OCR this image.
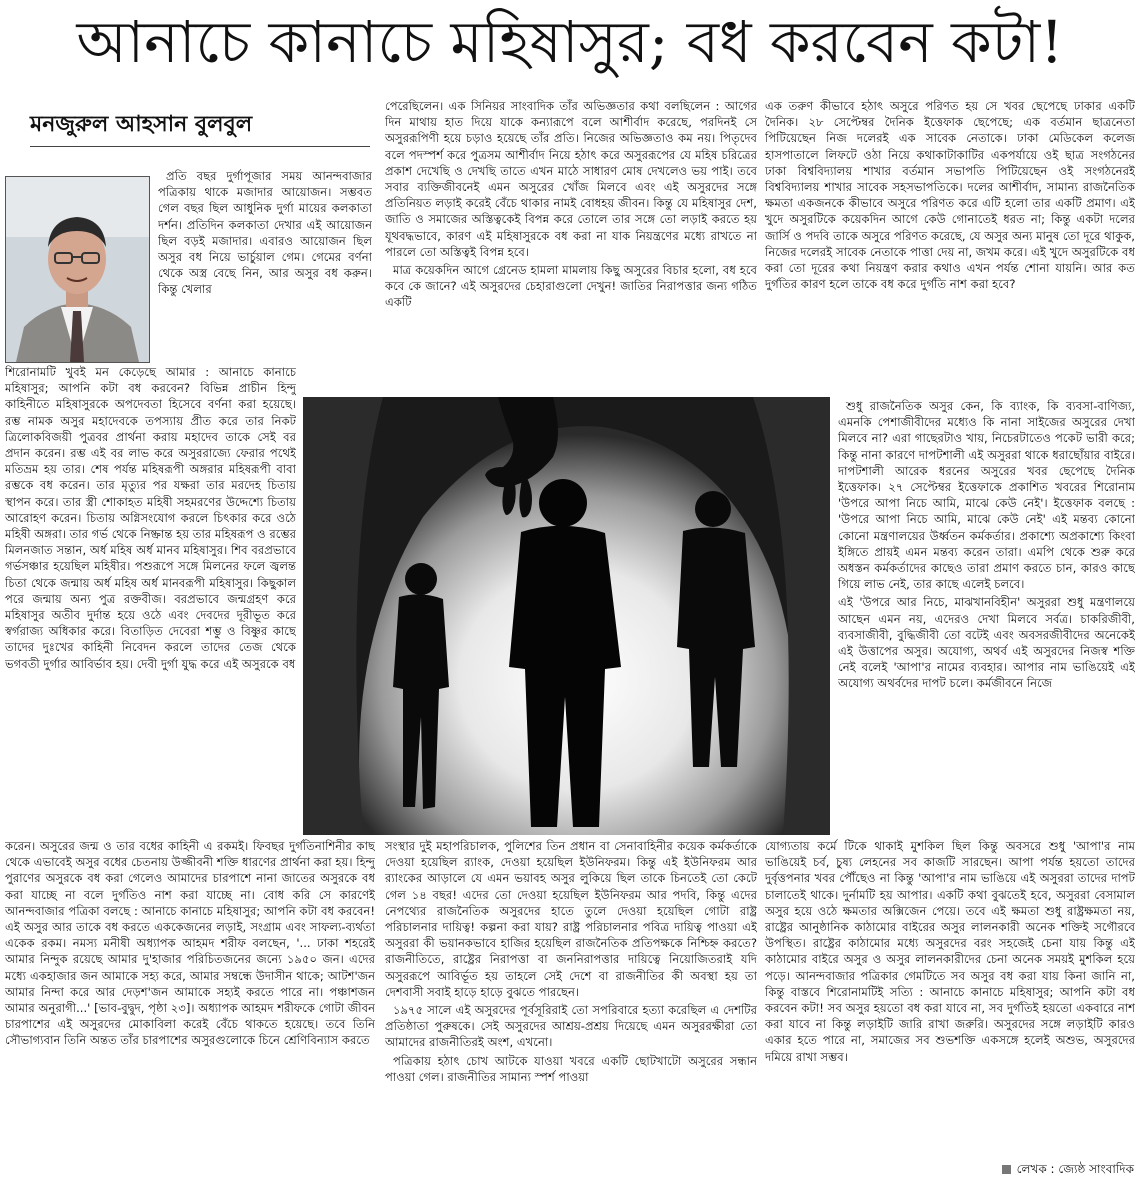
আনাচে কানাচে মহিষাসুর; বধ করবেন কটা!
মনজুরুল আহসান বুলবুল

প্রতি বছর দুর্গাপূজার সময় আনন্দবাজার পত্রিকায় থাকে মজাদার আয়োজন। সম্ভবত গেল বছর ছিল আধুনিক দুর্গা মায়ের কলকাতা দর্শন। প্রতিদিন কলকাতা দেখার এই আয়োজন ছিল বড়ই মজাদার। এবারও আয়োজন ছিল অসুর বধ নিয়ে ভার্চুয়াল গেম। গেমের বর্ণনা থেকে অস্ত্র বেছে নিন, আর অসুর বধ করুন। কিন্তু খেলার

শিরোনামটি খুবই মন কেড়েছে আমার : আনাচে কানাচে মহিষাসুর; আপনি কটা বধ করবেন? বিভিন্ন প্রাচীন হিন্দু কাহিনীতে মহিষাসুরকে অপদেবতা হিসেবে বর্ণনা করা হয়েছে। রম্ভ নামক অসুর মহাদেবকে তপস্যায় প্রীত করে তার নিকট ত্রিলোকবিজয়ী পুত্রবর প্রার্থনা করায় মহাদেব তাকে সেই বর প্রদান করেন। রম্ভ এই বর লাভ করে অসুররাজ্যে ফেরার পথেই মতিভ্রম হয় তার। শেষ পর্যন্ত মহিষরূপী অঙ্গরার মহিষরূপী বাবা রম্ভকে বধ করেন। তার মৃত্যুর পর যক্ষরা তার মরদেহ চিতায় স্থাপন করে। তার স্ত্রী শোকাহত মহিষী সহমরণের উদ্দেশ্যে চিতায় আরোহণ করেন। চিতায় অগ্নিসংযোগ করলে চিৎকার করে ওঠে মহিষী অঙ্গরা। তার গর্ভ থেকে নিষ্ক্রান্ত হয় তার মহিষরূপ ও রম্ভের মিলনজাত সন্তান, অর্ধ মহিষ অর্ধ মানব মহিষাসুর। শিব বরপ্রভাবে গর্ভসঞ্চার হয়েছিল মহিষীর। পশুরূপে সঙ্গে মিলনের ফলে জ্বলন্ত চিতা থেকে জন্মায় অর্ধ মহিষ অর্ধ মানবরূপী মহিষাসুর। কিছুকাল পরে জন্মায় অন্য পুত্র রক্তবীজ। বরপ্রভাবে জন্মগ্রহণ করে মহিষাসুর অতীব দুর্দান্ত হয়ে ওঠে এবং দেবদের দূরীভূত করে স্বর্গরাজ্য অধিকার করে। বিতাড়িত দেবেরা শম্ভু ও বিষ্ণুর কাছে তাদের দুঃখের কাহিনী নিবেদন করলে তাদের তেজ থেকে ভগবতী দুর্গার আবির্ভাব হয়। দেবী দুর্গা যুদ্ধ করে এই অসুরকে বধ

করেন। অসুরের জন্ম ও তার বধের কাহিনী এ রকমই। ফিবছর দুর্গতিনাশিনীর কাছ থেকে এভাবেই অসুর বধের চেতনায় উজ্জীবনী শক্তি ধারণের প্রার্থনা করা হয়। হিন্দু পুরাণের অসুরকে বধ করা গেলেও আমাদের চারপাশে নানা জাতের অসুরকে বধ করা যাচ্ছে না বলে দুর্গতিও নাশ করা যাচ্ছে না। বোধ করি সে কারণেই আনন্দবাজার পত্রিকা বলছে : আনাচে কানাচে মহিষাসুর; আপনি কটা বধ করবেন! এই অসুর আর তাকে বধ করতে এককেজনের লড়াই, সংগ্রাম এবং সাফল্য-ব্যর্থতা একেক রকম। নমস্য মনীষী অধ্যাপক আহমদ শরীফ বলছেন, '... ঢাকা শহরেই আমার নিন্দুক রয়েছে আমার দু'হাজার পরিচিতজনের জন্যে ১৯৫০ জন। এদের মধ্যে একহাজার জন আমাকে সহ্য করে, আমার সম্বন্ধে উদাসীন থাকে; আটশ'জন আমার নিন্দা করে আর দেড়শ'জন আমাকে সহ্যই করতে পারে না। পঞ্চাশজন আমার অনুরাগী...' [ভাব-বুদ্বুদ, পৃষ্ঠা ২৩]। অধ্যাপক আহমদ শরীফকে গোটা জীবন চারপাশের এই অসুরদের মোকাবিলা করেই বেঁচে থাকতে হয়েছে। তবে তিনি সৌভাগ্যবান তিনি অন্তত তাঁর চারপাশের অসুরগুলোকে চিনে শ্রেণিবিন্যাস করতে

পেরেছিলেন। এক সিনিয়র সাংবাদিক তাঁর অভিজ্ঞতার কথা বলছিলেন : আগের দিন মাথায় হাত দিয়ে যাকে কন্যারূপে বলে আশীর্বাদ করেছে, পরদিনই সে অসুররূপিণী হয়ে চড়াও হয়েছে তাঁর প্রতি। নিজের অভিজ্ঞতাও কম নয়। পিতৃদেব বলে পদস্পর্শ করে পুত্রসম আশীর্বাদ নিয়ে হঠাৎ করে অসুররূপের যে মহিষ চরিত্রের প্রকাশ দেখেছি ও দেখছি তাতে এখন মাঠে সাধারণ মোষ দেখলেও ভয় পাই। তবে সবার ব্যক্তিজীবনেই এমন অসুরের খোঁজ মিলবে এবং এই অসুরদের সঙ্গে প্রতিনিয়ত লড়াই করেই বেঁচে থাকার নামই বোধহয় জীবন। কিন্তু যে মহিষাসুর দেশ, জাতি ও সমাজের অস্তিত্বকেই বিপন্ন করে তোলে তার সঙ্গে তো লড়াই করতে হয় যূথবদ্ধভাবে, কারণ এই মহিষাসুরকে বধ করা না যাক নিয়ন্ত্রণের মধ্যে রাখতে না পারলে তো অস্তিত্বই বিপন্ন হবে।

মাত্র কয়েকদিন আগে গ্রেনেড হামলা মামলায় কিছু অসুরের বিচার হলো, বধ হবে কবে কে জানে? এই অসুরদের চেহারাগুলো দেখুন! জাতির নিরাপত্তার জন্য গঠিত একটি

সংস্থার দুই মহাপরিচালক, পুলিশের তিন প্রধান বা সেনাবাহিনীর কয়েক কর্মকর্তাকে দেওয়া হয়েছিল র‍্যাংক, দেওয়া হয়েছিল ইউনিফরম। কিন্তু এই ইউনিফরম আর র‍্যাংকের আড়ালে যে এমন ভয়াবহ অসুর লুকিয়ে ছিল তাকে চিনতেই তো কেটে গেল ১৪ বছর! এদের তো দেওয়া হয়েছিল ইউনিফরম আর পদবি, কিন্তু এদের নেপথ্যের রাজনৈতিক অসুরদের হাতে তুলে দেওয়া হয়েছিল গোটা রাষ্ট্র পরিচালনার দায়িত্ব! কল্পনা করা যায়? রাষ্ট্র পরিচালনার পবিত্র দায়িত্ব পাওয়া এই অসুররা কী ভয়ানকভাবে হাজির হয়েছিল রাজনৈতিক প্রতিপক্ষকে নিশ্চিহ্ন করতে? রাজনীতিতে, রাষ্ট্রের নিরাপত্তা বা জননিরাপত্তার দায়িত্বে নিয়োজিতরাই যদি অসুররূপে আবির্ভূত হয় তাহলে সেই দেশে বা রাজনীতির কী অবস্থা হয় তা দেশবাসী সবাই হাড়ে হাড়ে বুঝতে পারছেন।

১৯৭৫ সালে এই অসুরদের পূর্বসূরিরাই তো সপরিবারে হত্যা করেছিল এ দেশটির প্রতিষ্ঠাতা পুরুষকে। সেই অসুরদের আশ্রয়-প্রশ্রয় দিয়েছে এমন অসুররক্ষীরা তো আমাদের রাজনীতিরই অংশ, এখনো।

পত্রিকায় হঠাৎ চোখ আটকে যাওয়া খবরে একটি ছোটখাটো অসুরের সন্ধান পাওয়া গেল। রাজনীতির সামান্য স্পর্শ পাওয়া

এক তরুণ কীভাবে হঠাৎ অসুরে পরিণত হয় সে খবর ছেপেছে ঢাকার একটি দৈনিক। ২৮ সেপ্টেম্বর দৈনিক ইত্তেফাক ছেপেছে; এক বর্তমান ছাত্রনেতা পিটিয়েছেন নিজ দলেরই এক সাবেক নেতাকে। ঢাকা মেডিকেল কলেজ হাসপাতালে লিফটে ওঠা নিয়ে কথাকাটাকাটির একপর্যায়ে ওই ছাত্র সংগঠনের ঢাকা বিশ্ববিদ্যালয় শাখার বর্তমান সভাপতি পিটিয়েছেন ওই সংগঠনেরই বিশ্ববিদ্যালয় শাখার সাবেক সহসভাপতিকে। দলের আশীর্বাদ, সামান্য রাজনৈতিক ক্ষমতা একজনকে কীভাবে অসুরে পরিণত করে এটি হলো তার একটি প্রমাণ। এই খুদে অসুরটিকে কয়েকদিন আগে কেউ গোনাতেই ধরত না; কিন্তু একটা দলের জার্সি ও পদবি তাকে অসুরে পরিণত করেছে, যে অসুর অন্য মানুষ তো দূরে থাকুক, নিজের দলেরই সাবেক নেতাকে পাত্তা দেয় না, জখম করে। এই খুদে অসুরটিকে বধ করা তো দূরের কথা নিয়ন্ত্রণ করার কথাও এখন পর্যন্ত শোনা যায়নি। আর কত দুর্গতির কারণ হলে তাকে বধ করে দুর্গতি নাশ করা হবে?

শুধু রাজনৈতিক অসুর কেন, কি ব্যাংক, কি ব্যবসা-বাণিজ্য, এমনকি পেশাজীবীদের মধ্যেও কি নানা সাইজের অসুরের দেখা মিলবে না? এরা গাছেরটাও খায়, নিচেরটাতেও পকেট ভারী করে; কিন্তু নানা কারণে দাপটশালী এই অসুররা থাকে ধরাছোঁয়ার বাইরে। দাপটশালী আরেক ধরনের অসুরের খবর ছেপেছে দৈনিক ইত্তেফাক। ২৭ সেপ্টেম্বর ইত্তেফাকে প্রকাশিত খবরের শিরোনাম 'উপরে আপা নিচে আমি, মাঝে কেউ নেই'। ইত্তেফাক বলছে : 'উপরে আপা নিচে আমি, মাঝে কেউ নেই' এই মন্তব্য কোনো কোনো মন্ত্রণালয়ের উর্ধ্বতন কর্মকর্তার। প্রকাশ্যে অপ্রকাশ্যে কিংবা ইঙ্গিতে প্রায়ই এমন মন্তব্য করেন তারা। এমপি থেকে শুরু করে অধস্তন কর্মকর্তাদের কাছেও তারা প্রমাণ করতে চান, কারও কাছে গিয়ে লাভ নেই, তার কাছে এলেই চলবে।

এই 'উপরে আর নিচে, মাঝখানবিহীন' অসুররা শুধু মন্ত্রণালয়ে আছেন এমন নয়, এদেরও দেখা মিলবে সর্বত্র। চাকরিজীবী, ব্যবসাজীবী, বুদ্ধিজীবী তো বটেই এবং অবসরজীবীদের অনেকেই এই উত্তাপের অসুর। অযোগ্য, অথর্ব এই অসুরদের নিজস্ব শক্তি নেই বলেই 'আপা'র নামের ব্যবহার। আপার নাম ভাঙিয়েই এই অযোগ্য অথর্বদের দাপট চলে। কর্মজীবনে নিজে

যোগ্যতায় কর্মে টিকে থাকাই মুশকিল ছিল কিন্তু অবসরে শুধু 'আপা'র নাম ভাঙিয়েই চর্ব, চুষ্য লেহনের সব কাজটি সারছেন। আপা পর্যন্ত হয়তো তাদের দুর্বৃত্তপনার খবর পৌঁছেও না কিন্তু 'আপা'র নাম ভাঙিয়ে এই অসুররা তাদের দাপট চালাতেই থাকে। দুর্নামটি হয় আপার। একটি কথা বুঝতেই হবে, অসুররা বেসামাল অসুর হয়ে ওঠে ক্ষমতার অক্সিজেন পেয়ে। তবে এই ক্ষমতা শুধু রাষ্ট্রক্ষমতা নয়, রাষ্ট্রের আনুষ্ঠানিক কাঠামোর বাইরের অসুর লালনকারী অনেক শক্তিই সগৌরবে উপস্থিত। রাষ্ট্রের কাঠামোর মধ্যে অসুরদের বরং সহজেই চেনা যায় কিন্তু এই কাঠামোর বাইরে অসুর ও অসুর লালনকারীদের চেনা অনেক সময়ই মুশকিল হয়ে পড়ে। আনন্দবাজার পত্রিকার গেমটিতে সব অসুর বধ করা যায় কিনা জানি না, কিন্তু বাস্তবে শিরোনামটিই সত্যি : আনাচে কানাচে মহিষাসুর; আপনি কটা বধ করবেন কটা! সব অসুর হয়তো বধ করা যাবে না, সব দুর্গতিই হয়তো একবারে নাশ করা যাবে না কিন্তু লড়াইটি জারি রাখা জরুরি। অসুরদের সঙ্গে লড়াইটি কারও একার হতে পারে না, সমাজের সব শুভশক্তি একসঙ্গে হলেই অশুভ, অসুরদের দমিয়ে রাখা সম্ভব।

লেখক : জ্যেষ্ঠ সাংবাদিক
